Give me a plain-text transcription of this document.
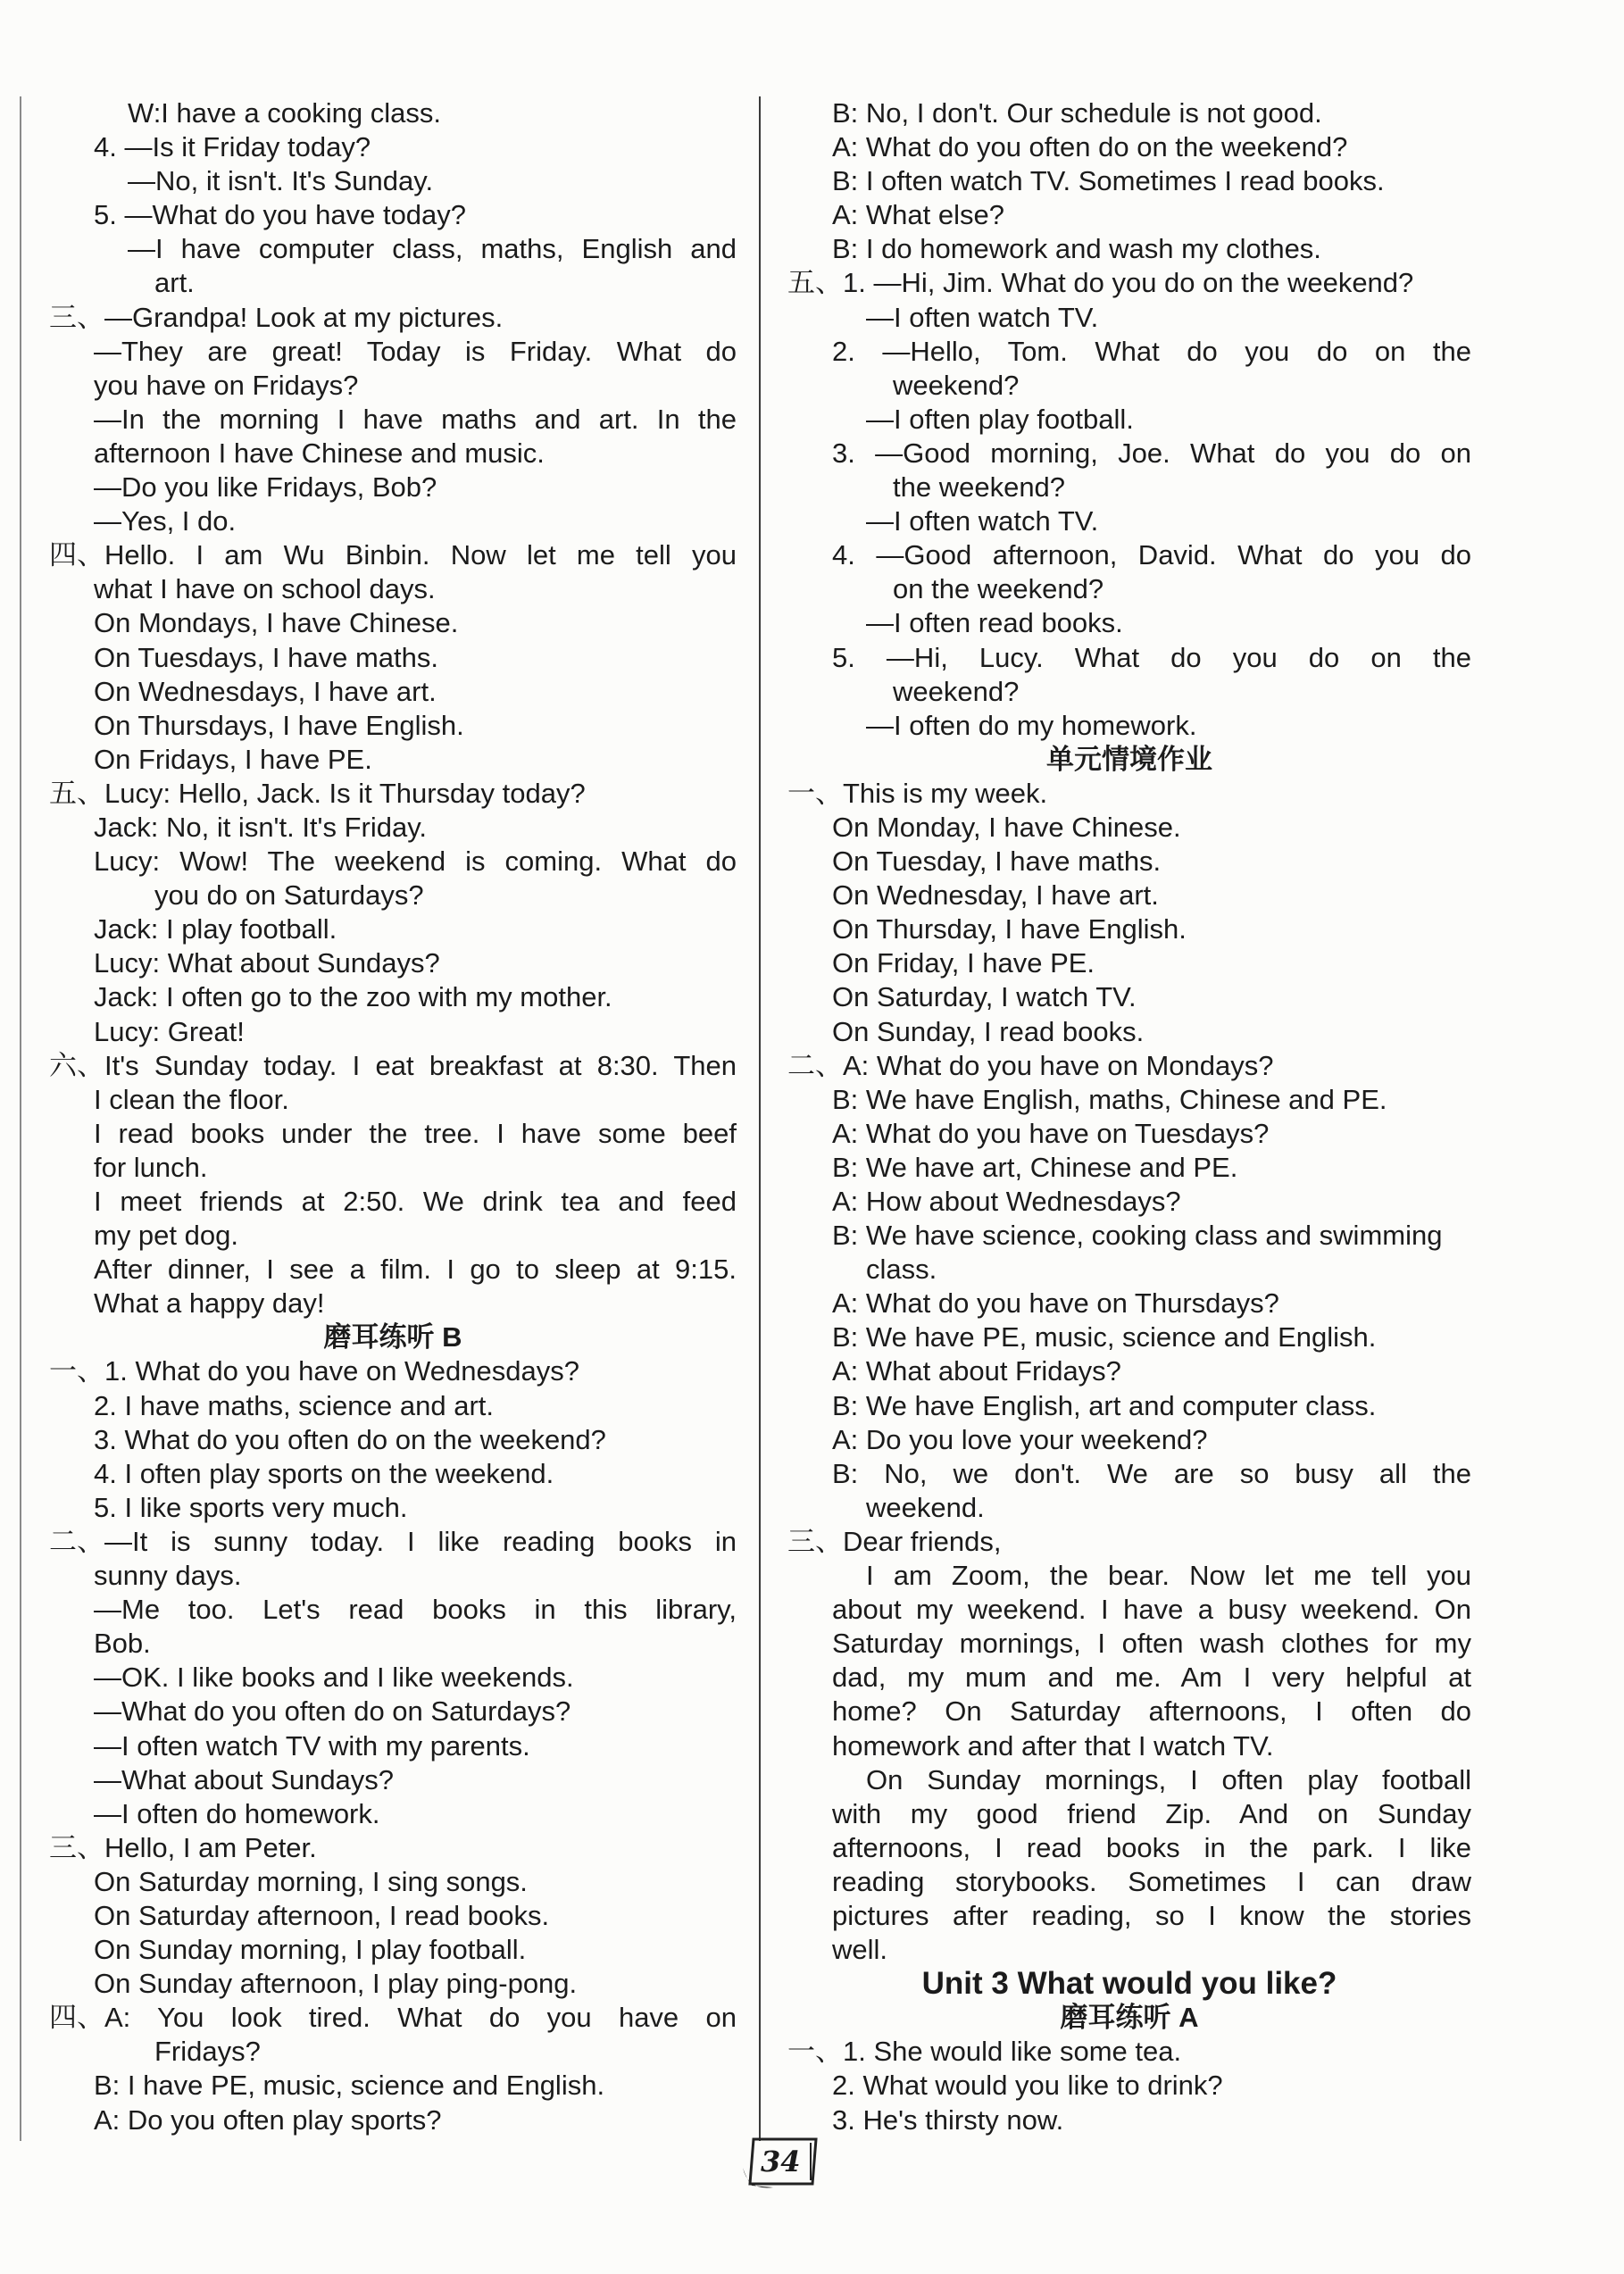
W:I have a cooking class.
4. —Is it Friday today?
—No, it isn't. It's Sunday.
5. —What do you have today?
—I have computer class, maths, English and
art.
三、—Grandpa! Look at my pictures.
—They are great! Today is Friday. What do
you have on Fridays?
—In the morning I have maths and art. In the
afternoon I have Chinese and music.
—Do you like Fridays, Bob?
—Yes, I do.
四、Hello. I am Wu Binbin. Now let me tell you
what I have on school days.
On Mondays, I have Chinese.
On Tuesdays, I have maths.
On Wednesdays, I have art.
On Thursdays, I have English.
On Fridays, I have PE.
五、Lucy: Hello, Jack. Is it Thursday today?
Jack: No, it isn't. It's Friday.
Lucy: Wow! The weekend is coming. What do
you do on Saturdays?
Jack: I play football.
Lucy: What about Sundays?
Jack: I often go to the zoo with my mother.
Lucy: Great!
六、It's Sunday today. I eat breakfast at 8:30. Then
I clean the floor.
I read books under the tree. I have some beef
for lunch.
I meet friends at 2:50. We drink tea and feed
my pet dog.
After dinner, I see a film. I go to sleep at 9:15.
What a happy day!
磨耳练听 B
一、1. What do you have on Wednesdays?
2. I have maths, science and art.
3. What do you often do on the weekend?
4. I often play sports on the weekend.
5. I like sports very much.
二、—It is sunny today. I like reading books in
sunny days.
—Me too. Let's read books in this library,
Bob.
—OK. I like books and I like weekends.
—What do you often do on Saturdays?
—I often watch TV with my parents.
—What about Sundays?
—I often do homework.
三、Hello, I am Peter.
On Saturday morning, I sing songs.
On Saturday afternoon, I read books.
On Sunday morning, I play football.
On Sunday afternoon, I play ping-pong.
四、A: You look tired. What do you have on
Fridays?
B: I have PE, music, science and English.
A: Do you often play sports?
B: No, I don't. Our schedule is not good.
A: What do you often do on the weekend?
B: I often watch TV. Sometimes I read books.
A: What else?
B: I do homework and wash my clothes.
五、1. —Hi, Jim. What do you do on the weekend?
—I often watch TV.
2. —Hello, Tom. What do you do on the
weekend?
—I often play football.
3. —Good morning, Joe. What do you do on
the weekend?
—I often watch TV.
4. —Good afternoon, David. What do you do
on the weekend?
—I often read books.
5. —Hi, Lucy. What do you do on the
weekend?
—I often do my homework.
单元情境作业
一、This is my week.
On Monday, I have Chinese.
On Tuesday, I have maths.
On Wednesday, I have art.
On Thursday, I have English.
On Friday, I have PE.
On Saturday, I watch TV.
On Sunday, I read books.
二、A: What do you have on Mondays?
B: We have English, maths, Chinese and PE.
A: What do you have on Tuesdays?
B: We have art, Chinese and PE.
A: How about Wednesdays?
B: We have science, cooking class and swimming
class.
A: What do you have on Thursdays?
B: We have PE, music, science and English.
A: What about Fridays?
B: We have English, art and computer class.
A: Do you love your weekend?
B: No, we don't. We are so busy all the
weekend.
三、Dear friends,
I am Zoom, the bear. Now let me tell you
about my weekend. I have a busy weekend. On
Saturday mornings, I often wash clothes for my
dad, my mum and me. Am I very helpful at
home? On Saturday afternoons, I often do
homework and after that I watch TV.
On Sunday mornings, I often play football
with my good friend Zip. And on Sunday
afternoons, I read books in the park. I like
reading storybooks. Sometimes I can draw
pictures after reading, so I know the stories
well.
Unit 3 What would you like?
磨耳练听 A
一、1. She would like some tea.
2. What would you like to drink?
3. He's thirsty now.
34
